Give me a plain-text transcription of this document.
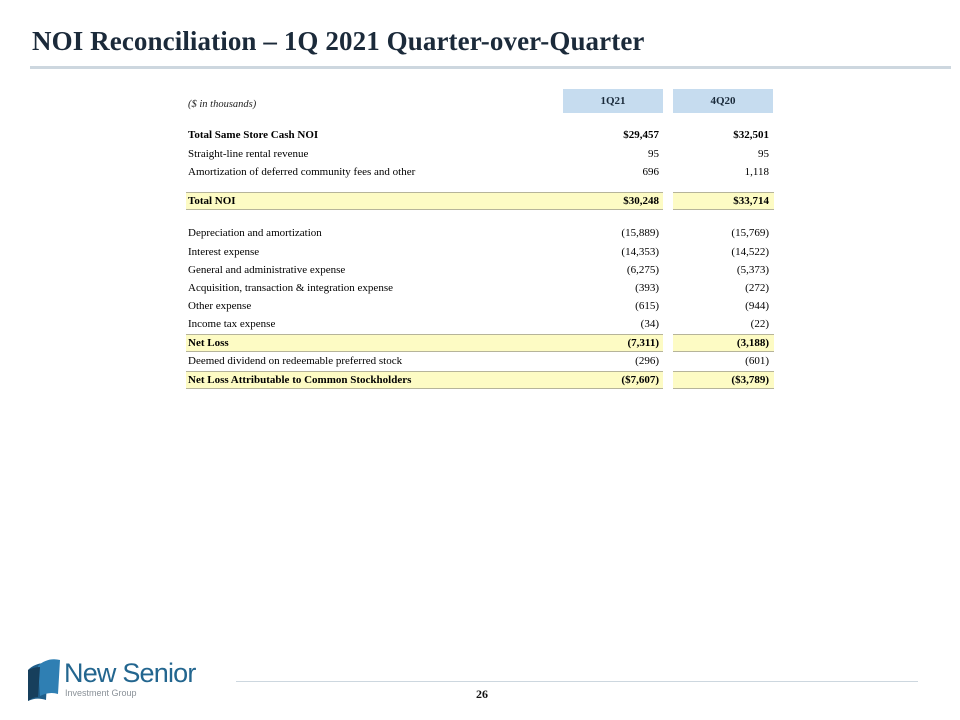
NOI Reconciliation – 1Q 2021 Quarter-over-Quarter
($ in thousands)	1Q21	4Q20
Total Same Store Cash NOI	$29,457	$32,501
Straight-line rental revenue	95	95
Amortization of deferred community fees and other	696	1,118
Total NOI	$30,248	$33,714
Depreciation and amortization	(15,889)	(15,769)
Interest expense	(14,353)	(14,522)
General and administrative expense	(6,275)	(5,373)
Acquisition, transaction & integration expense	(393)	(272)
Other expense	(615)	(944)
Income tax expense	(34)	(22)
Net Loss	(7,311)	(3,188)
Deemed dividend on redeemable preferred stock	(296)	(601)
Net Loss Attributable to Common Stockholders	($7,607)	($3,789)
New Senior
Investment Group	26
